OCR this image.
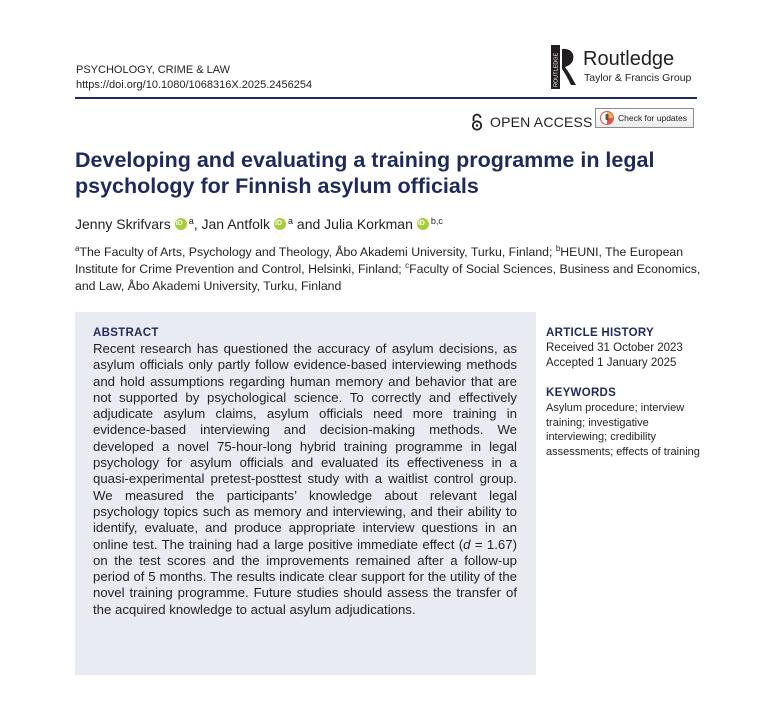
PSYCHOLOGY, CRIME & LAW
https://doi.org/10.1080/1068316X.2025.2456254	ROUTLEDGE Routledge
Taylor & Francis Group
OPEN ACCESS	Check for updates
Developing and evaluating a training programme in legal psychology for Finnish asylum officials
Jenny Skrifvars iD $^a$, Jan Antfolk iD $^a$ and Julia Korkman iD $^{b,c}$
$^a$The Faculty of Arts, Psychology and Theology, Åbo Akademi University, Turku, Finland; $^b$HEUNI, The European Institute for Crime Prevention and Control, Helsinki, Finland; $^c$Faculty of Social Sciences, Business and Economics, and Law, Åbo Akademi University, Turku, Finland
ABSTRACT
Recent research has questioned the accuracy of asylum decisions, as asylum officials only partly follow evidence-based interviewing methods and hold assumptions regarding human memory and behavior that are not supported by psychological science. To correctly and effectively adjudicate asylum claims, asylum officials need more training in evidence-based interviewing and decision-making methods. We developed a novel 75-hour-long hybrid training programme in legal psychology for asylum officials and evaluated its effectiveness in a quasi-experimental pretest-posttest study with a waitlist control group. We measured the participants’ knowledge about relevant legal psychology topics such as memory and interviewing, and their ability to identify, evaluate, and produce appropriate interview questions in an online test. The training had a large positive immediate effect (d = 1.67) on the test scores and the improvements remained after a follow-up period of 5 months. The results indicate clear support for the utility of the novel training programme. Future studies should assess the transfer of the acquired knowledge to actual asylum adjudications.
ARTICLE HISTORY
Received 31 October 2023
Accepted 1 January 2025
KEYWORDS
Asylum procedure; interview training; investigative interviewing; credibility assessments; effects of training
